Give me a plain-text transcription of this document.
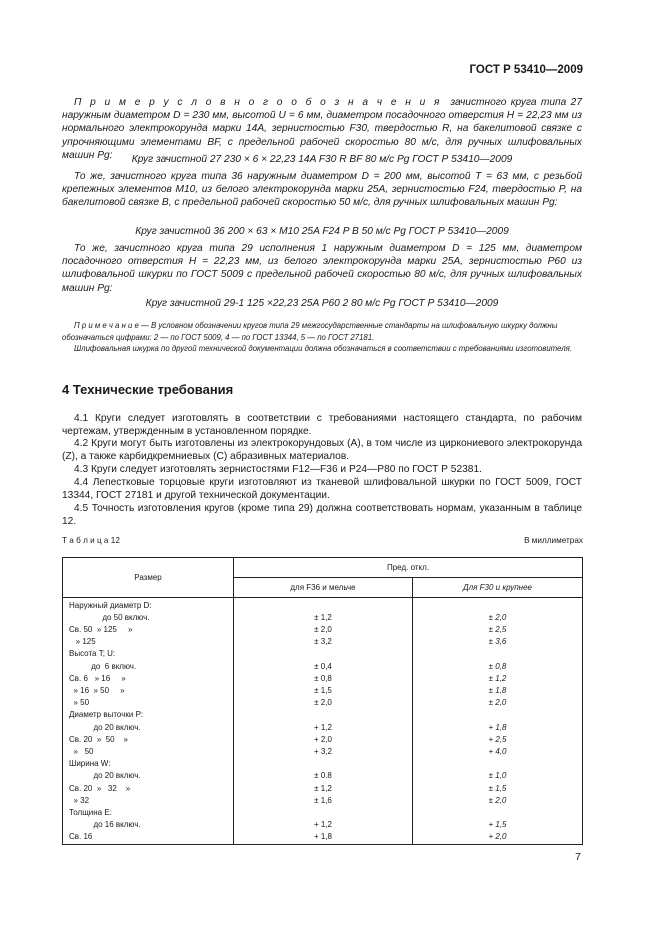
ГОСТ Р 53410—2009

П р и м е р у с л о в н о г о о б о з н а ч е н и я зачистного круга типа 27 наружным диаметром D = 230 мм, высотой U = 6 мм, диаметром посадочного отверстия H = 22,23 мм из нормального электрокорунда марки 14А, зернистостью F30, твердостью R, на бакелитовой связке с упрочняющими элементами BF, с предельной рабочей скоростью 80 м/с, для ручных шлифовальных машин Pg:	Круг зачистной 27 230 × 6 × 22,23 14A F30 R BF 80 м/с Pg ГОСТ Р 53410—2009

То же, зачистного круга типа 36 наружным диаметром D = 200 мм, высотой T = 63 мм, с резьбой крепежных элементов М10, из белого электрокорунда марки 25А, зернистостью F24, твердостью P, на бакелитовой связке B, с предельной рабочей скоростью 50 м/с, для ручных шлифовальных машин Pg:

Круг зачистной 36 200 × 63 × М10 25A F24 P B 50 м/с Pg ГОСТ Р 53410—2009

То же, зачистного круга типа 29 исполнения 1 наружным диаметром D = 125 мм, диаметром посадочного отверстия H = 22,23 мм, из белого электрокорунда марки 25А, зернистостью P60 из шлифовальной шкурки по ГОСТ 5009 с предельной рабочей скоростью 80 м/с, для ручных шлифовальных машин Pg:

Круг зачистной 29-1 125 ×22,23 25A P60 2 80 м/с Pg ГОСТ Р 53410—2009

П р и м е ч а н и е — В условном обозначении кругов типа 29 межгосударственные стандарты на шлифовальную шкурку должны обозначаться цифрами: 2 — по ГОСТ 5009, 4 — по ГОСТ 13344, 5 — по ГОСТ 27181.

Шлифовальная шкурка по другой технической документации должна обозначаться в соответствии с требованиями изготовителя.

4 Технические требования

4.1 Круги следует изготовлять в соответствии с требованиями настоящего стандарта, по рабочим чертежам, утвержденным в установленном порядке.

4.2 Круги могут быть изготовлены из электрокорундовых (А), в том числе из циркониевого электрокорунда (Z), а также карбидкремниевых (С) абразивных материалов.

4.3 Круги следует изготовлять зернистостями F12—F36 и P24—P80 по ГОСТ Р 52381.

4.4 Лепестковые торцовые круги изготовляют из тканевой шлифовальной шкурки по ГОСТ 5009, ГОСТ 13344, ГОСТ 27181 и другой технической документации.

4.5 Точность изготовления кругов (кроме типа 29) должна соответствовать нормам, указанным в таблице 12.

Т а б л и ц а 12	В миллиметрах
Размер	Пред. откл.	
	для F36 и мельче	Для F30 и крупнее

Наружный диаметр D:		
до 50 включ.	± 1,2	± 2,0
Св. 50  » 125     »	± 2,0	± 2,5
» 125	± 3,2	± 3,6
Высота T; U:		
до  6 включ.	± 0,4	± 0,8
Св. 6   » 16     »	± 0,8	± 1,2
» 16  » 50     »	± 1,5	± 1,8
» 50	± 2,0	± 2,0
Диаметр выточки P:		
до 20 включ.	+ 1,2	+ 1,8
Св. 20  »  50    »	+ 2,0	+ 2,5
»   50	+ 3,2	+ 4,0
Ширина W:		
до 20 включ.	± 0.8	± 1,0
Св. 20  »   32    »	± 1,2	± 1,5
» 32	± 1,6	± 2,0
Толщина E:		
до 16 включ.	+ 1,2	+ 1,5
Св. 16	+ 1,8	+ 2,0
7
